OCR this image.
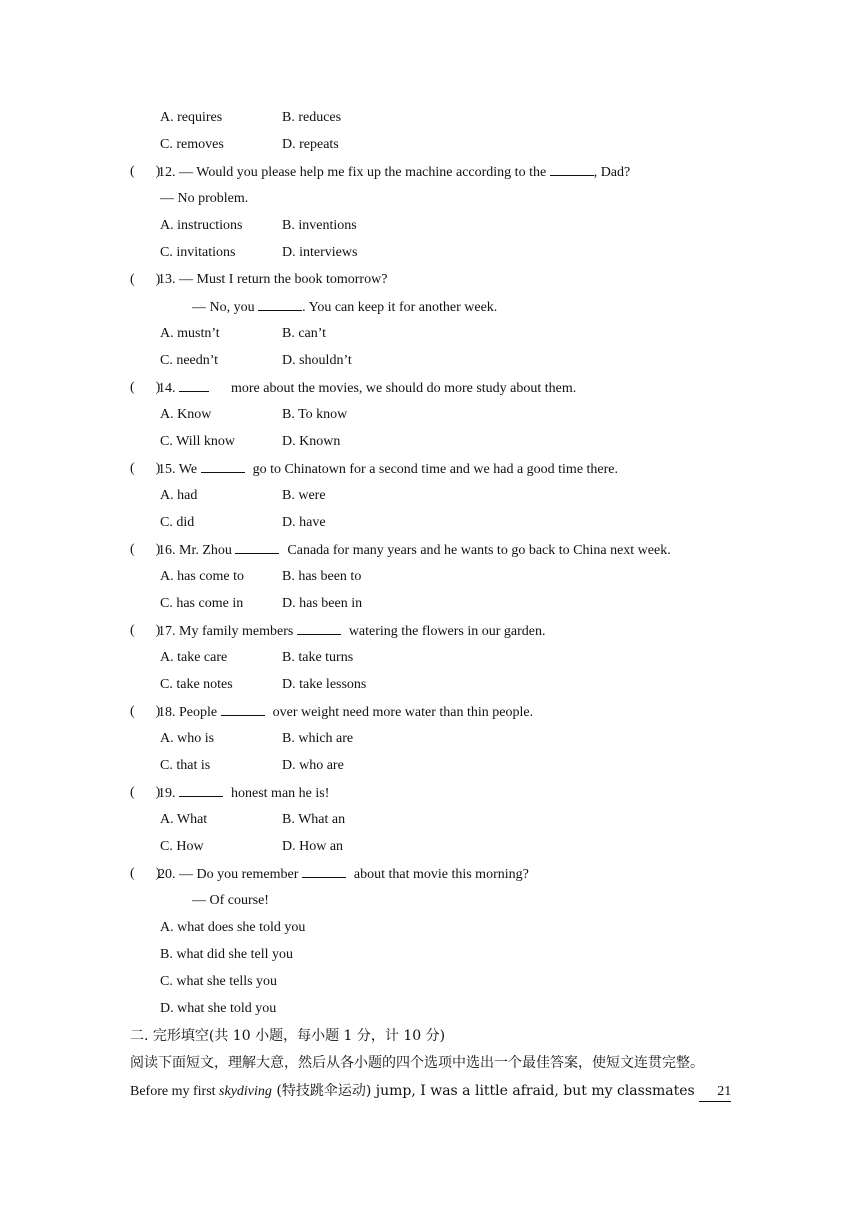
A. requires	B. reduces
C. removes	D. repeats
(      )
12. — Would you please help me fix up the machine according to the	, Dad?
— No problem.
A. instructions	B. inventions
C. invitations	D. interviews
(      )
13. ― Must I return the book tomorrow?
― No, you	. You can keep it for another week.
A. mustn’t	B. can’t
C. needn’t	D. shouldn’t
(      )
14.	more about the movies, we should do more study about them.
A. Know	B. To know
C. Will know	D. Known
(      )
15. We	go to Chinatown for a second time and we had a good time there.
A. had	B. were
C. did	D. have
(      )
16. Mr. Zhou	Canada for many years and he wants to go back to China next week.
A. has come to	B. has been to
C. has come in	D. has been in
(      )
17. My family members	watering the flowers in our garden.
A. take care	B. take turns
C. take notes	D. take lessons
(      )
18. People	over weight need more water than thin people.
A. who is	B. which are
C. that is	D. who are
(      )
19.	honest man he is!
A. What	B. What an
C. How	D. How an
(      )
20. — Do you remember	about that movie this morning?
— Of course!
A. what does she told you
B. what did she tell you
C. what she tells you
D. what she told you
二. 完形填空(共 10 小题，每小题 1 分，计 10 分)
阅读下面短文，理解大意，然后从各小题的四个选项中选出一个最佳答案，使短文连贯完整。
Before my first skydiving (特技跳伞运动) jump, I was a little afraid, but my classmates 21
